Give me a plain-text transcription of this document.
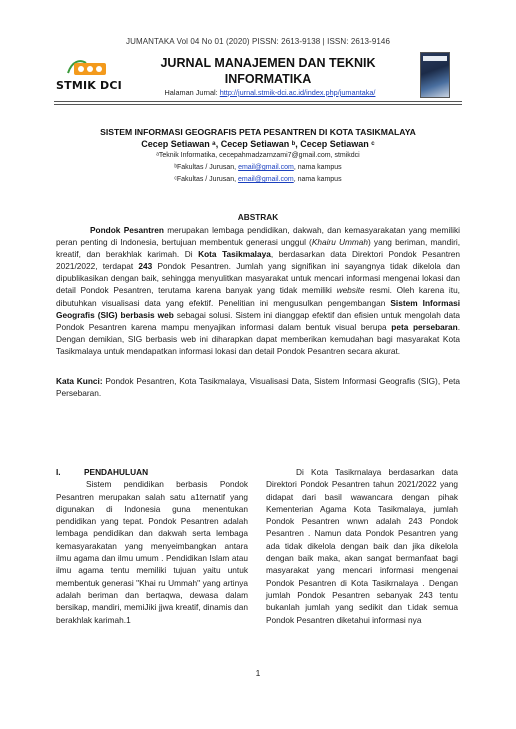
JUMANTAKA Vol 04 No 01 (2020) PISSN: 2613-9138 | ISSN: 2613-9146
STMIK DCI
JURNAL MANAJEMEN DAN TEKNIK INFORMATIKA
Halaman Jurnal: http://jurnal.stmik-dci.ac.id/index.php/jumantaka/
SISTEM INFORMASI GEOGRAFIS PETA PESANTREN DI KOTA TASIKMALAYA
Cecep Setiawan ᵃ, Cecep Setiawan ᵇ, Cecep Setiawan ᶜ
ᵃTeknik Informatika, cecepahmadzarnzami7@gmail.com, stmikdci
ᵇFakultas / Jurusan, email@gmail.com, nama kampus
ᶜFakultas / Jurusan, email@gmail.com, nama kampus
ABSTRAK

Pondok Pesantren merupakan lembaga pendidikan, dakwah, dan kemasyarakatan yang memiliki peran penting di Indonesia, bertujuan membentuk generasi unggul (Khairu Ummah) yang beriman, mandiri, kreatif, dan berakhlak karimah. Di Kota Tasikmalaya, berdasarkan data Direktori Pondok Pesantren 2021/2022, terdapat 243 Pondok Pesantren. Jumlah yang signifikan ini sayangnya tidak dikelola dan dipublikasikan dengan baik, sehingga menyulitkan masyarakat untuk mencari informasi mengenai lokasi dan detail Pondok Pesantren, terutama karena banyak yang tidak memiliki website resmi. Oleh karena itu, dibutuhkan visualisasi data yang efektif. Penelitian ini mengusulkan pengembangan Sistem Informasi Geografis (SIG) berbasis web sebagai solusi. Sistem ini dianggap efektif dan efisien untuk mengolah data Pondok Pesantren karena mampu menyajikan informasi dalam bentuk visual berupa peta persebaran. Dengan demikian, SIG berbasis web ini diharapkan dapat memberikan kemudahan bagi masyarakat Kota Tasikmalaya untuk mendapatkan informasi lokasi dan detail Pondok Pesantren secara akurat.

Kata Kunci: Pondok Pesantren, Kota Tasikmalaya, Visualisasi Data, Sistem Informasi Geografis (SIG), Peta Persebaran.
I.	PENDAHULUAN

Sistem pendidikan berbasis Pondok Pesantren merupakan salah satu a1ternatif yang digunakan di Indonesia guna menentukan pendidikan yang tepat. Pondok Pesantren adalah lembaga pendidikan dan dakwah serta lembaga kemasyarakatan yang menyeimbangkan antara ilmu agama dan ilmu umum . Pendidikan Islam atau ilmu agama tentu memiliki tujuan yaitu untuk membentuk generasi "Khai ru Ummah" yang artinya adalah beriman dan bertaqwa, dewasa dalam bersikap, mandiri, memiJiki jjwa kreatif, dinamis dan berakhlak karimah.1

Di Kota Tasikrnalaya berdasarkan data Direktori Pondok Pesantren tahun 2021/2022 yang didapat dari basil wawancara dengan pihak Kementerian Agama Kota Tasikmalaya, jumlah Pondok Pesantren wnwn adalah 243 Pondok Pesantren . Namun data Pondok Pesantren yang ada tidak dikelola dengan baik dan jika dikelola dengan baik maka, akan sangat bermanfaat bagi masyarakat yang mencari informasi mengenai Pondok Pesantren di Kota Tasikrnalaya . Dengan jumlah Pondok Pesantren sebanyak 243 tentu bukanlah jumlah yang sedikit dan t.idak semua Pondok Pesantren diketahui informasi nya

1
